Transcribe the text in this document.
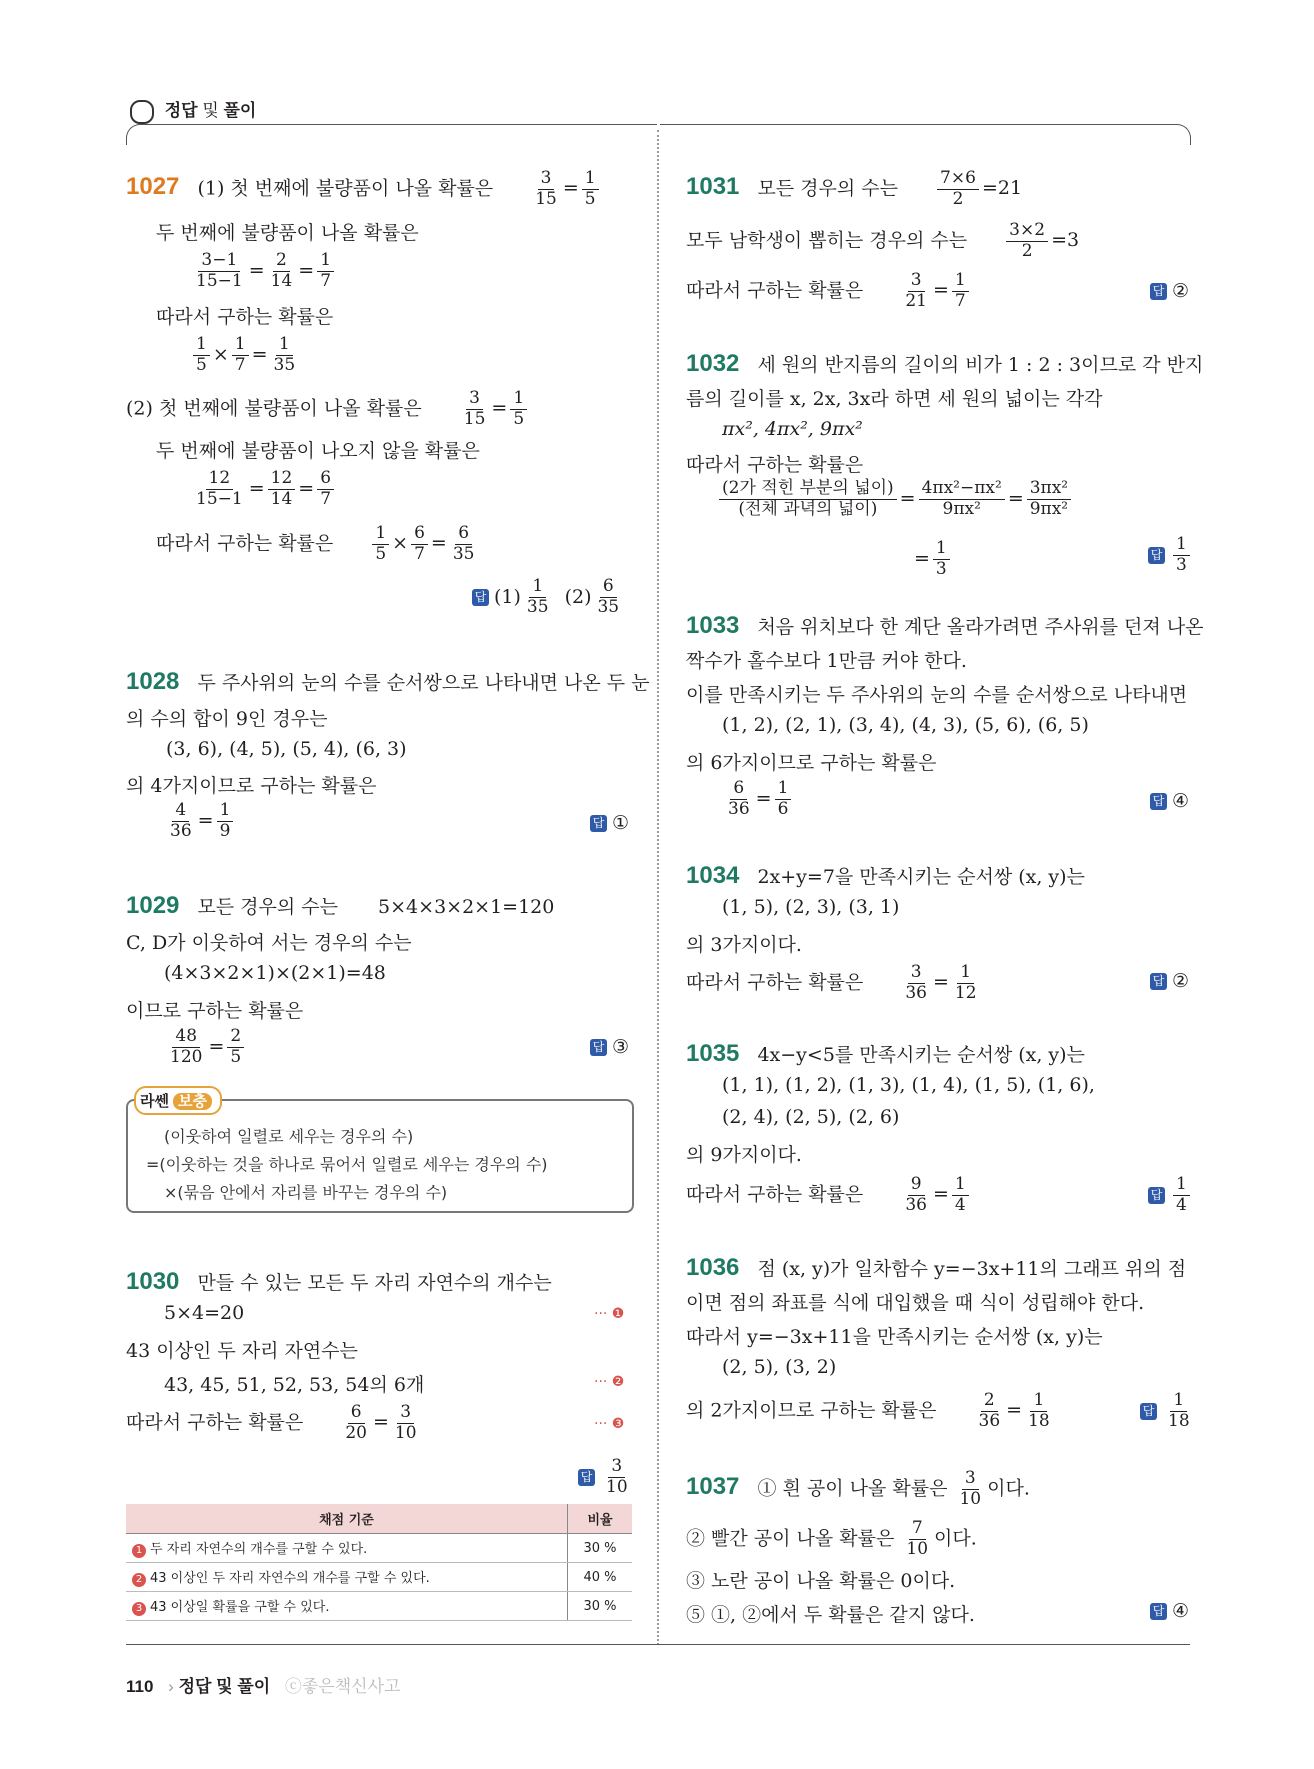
정답 및 풀이
1027 (1) 첫 번째에 불량품이 나올 확률은 $\frac{3}{15} = \frac{1}{5}$
두 번째에 불량품이 나올 확률은
$\frac{3-1}{15-1} = \frac{2}{14} = \frac{1}{7}$
따라서 구하는 확률은
$\frac{1}{5} \times \frac{1}{7} = \frac{1}{35}$
(2) 첫 번째에 불량품이 나올 확률은 $\frac{3}{15} = \frac{1}{5}$
두 번째에 불량품이 나오지 않을 확률은
$\frac{12}{15-1} = \frac{12}{14} = \frac{6}{7}$
따라서 구하는 확률은 $\frac{1}{5} \times \frac{6}{7} = \frac{6}{35}$
답 $(1) \frac{1}{35} (2) \frac{6}{35}$
1028 두 주사위의 눈의 수를 순서쌍으로 나타내면 나온 두 눈
의 수의 합이 9인 경우는
(3, 6), (4, 5), (5, 4), (6, 3)
의 4가지이므로 구하는 확률은
$\frac{4}{36} = \frac{1}{9}$	답 ①
1029 모든 경우의 수는 5×4×3×2×1=120
C, D가 이웃하여 서는 경우의 수는
(4×3×2×1)×(2×1)=48
이므로 구하는 확률은
$\frac{48}{120} = \frac{2}{5}$	답 ③
라쎈 보충
(이웃하여 일렬로 세우는 경우의 수)
=(이웃하는 것을 하나로 묶어서 일렬로 세우는 경우의 수)
×(묶음 안에서 자리를 바꾸는 경우의 수)
1030 만들 수 있는 모든 두 자리 자연수의 개수는
5×4=20	··· ❶
43 이상인 두 자리 자연수는
43, 45, 51, 52, 53, 54의 6개	··· ❷
따라서 구하는 확률은 $\frac{6}{20} = \frac{3}{10}$	··· ❸
답 $\frac{3}{10}$
채점 기준	비율
1 두 자리 자연수의 개수를 구할 수 있다.	30 %
2 43 이상인 두 자리 자연수의 개수를 구할 수 있다.	40 %
3 43 이상일 확률을 구할 수 있다.	30 %
1031 모든 경우의 수는 $\frac{7\times 6}{2} =21$
모두 남학생이 뽑히는 경우의 수는 $\frac{3\times 2}{2} =3$
따라서 구하는 확률은 $\frac{3}{21} = \frac{1}{7}$	답 ②
1032 세 원의 반지름의 길이의 비가 1 : 2 : 3이므로 각 반지
름의 길이를 x, 2x, 3x라 하면 세 원의 넓이는 각각
πx², 4πx², 9πx²
따라서 구하는 확률은
$\frac{\text{(2가 적힌 부분의 넓이)}}{\text{(전체 과녁의 넓이)}} = \frac{\text{4πx²−πx²}}{\text{9πx²}} = \frac{\text{3πx²}}{\text{9πx²}}$
= $\frac{1}{3}$	답 $\frac{1}{3}$
1033 처음 위치보다 한 계단 올라가려면 주사위를 던져 나온
짝수가 홀수보다 1만큼 커야 한다.
이를 만족시키는 두 주사위의 눈의 수를 순서쌍으로 나타내면
(1, 2), (2, 1), (3, 4), (4, 3), (5, 6), (6, 5)
의 6가지이므로 구하는 확률은
$\frac{6}{36} = \frac{1}{6}$	답 ④
1034 2x+y=7을 만족시키는 순서쌍 (x, y)는
(1, 5), (2, 3), (3, 1)
의 3가지이다.
따라서 구하는 확률은 $\frac{3}{36} = \frac{1}{12}$	답 ②
1035 4x−y<5를 만족시키는 순서쌍 (x, y)는
(1, 1), (1, 2), (1, 3), (1, 4), (1, 5), (1, 6),
(2, 4), (2, 5), (2, 6)
의 9가지이다.
따라서 구하는 확률은 $\frac{9}{36} = \frac{1}{4}$	답 $\frac{1}{4}$
1036 점 (x, y)가 일차함수 y=−3x+11의 그래프 위의 점
이면 점의 좌표를 식에 대입했을 때 식이 성립해야 한다.
따라서 y=−3x+11을 만족시키는 순서쌍 (x, y)는
(2, 5), (3, 2)
의 2가지이므로 구하는 확률은 $\frac{2}{36} = \frac{1}{18}$	답 $\frac{1}{18}$
1037 ① 흰 공이 나올 확률은 $\frac{3}{10}$ 이다.
② 빨간 공이 나올 확률은 $\frac{7}{10}$ 이다.
③ 노란 공이 나올 확률은 0이다.
⑤ ①, ②에서 두 확률은 같지 않다.	답 ④
110 › 정답 및 풀이 ⓒ좋은책신사고
